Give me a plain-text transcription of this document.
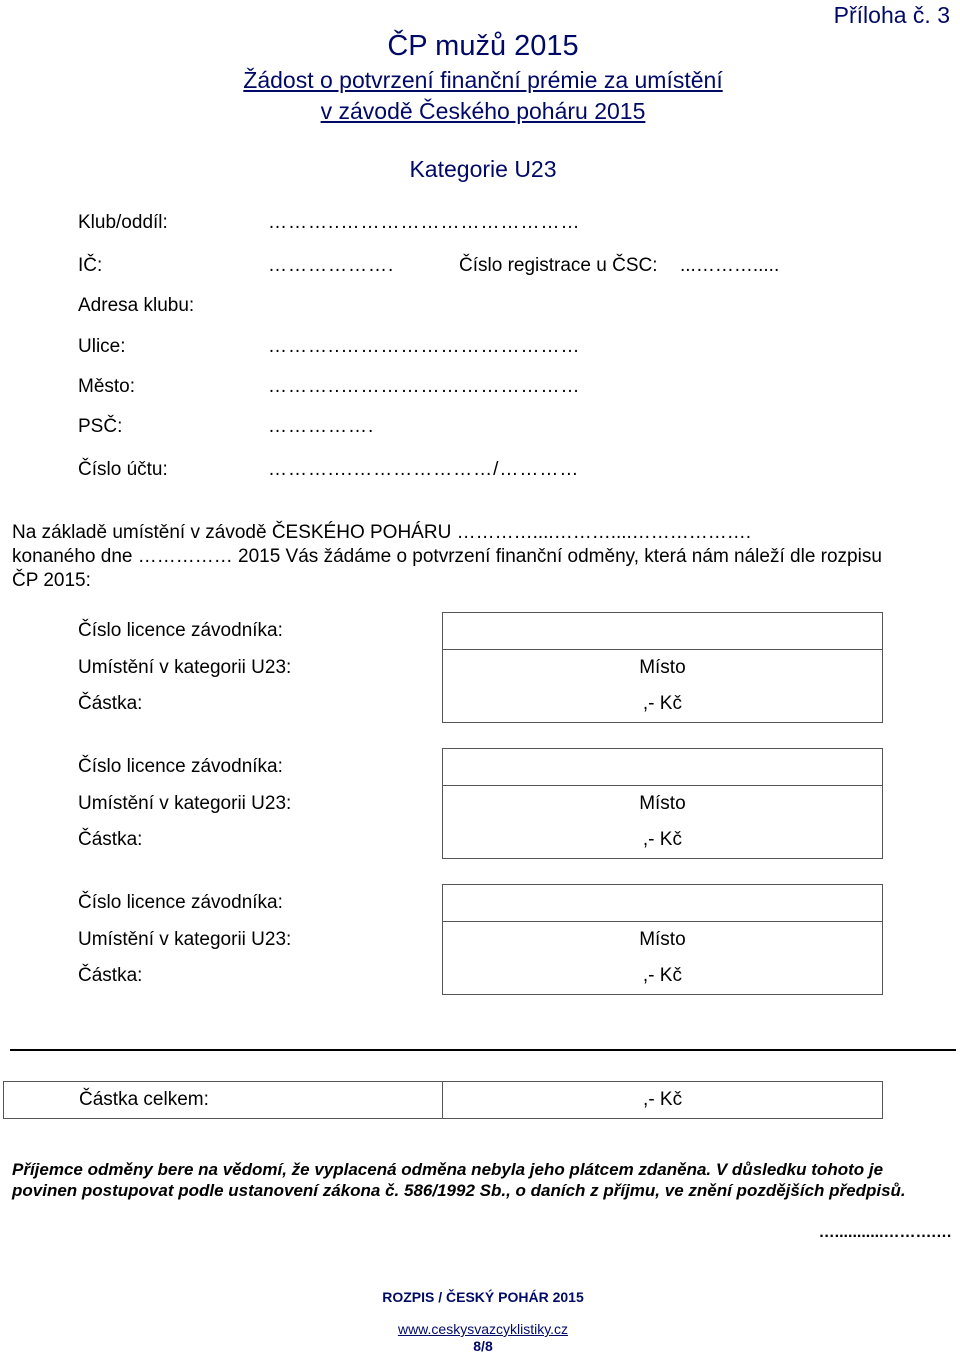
Příloha č. 3
ČP mužů 2015
Žádost o potvrzení finanční prémie za umístění
v závodě Českého poháru 2015
Kategorie U23
Klub/oddíl:	………..………………………………
IČ:	……………….	Číslo registrace u ČSC: ...……….....
Adresa klubu:
Ulice:	………..………………………………
Město:	………..………………………………
PSČ:	…………….
Číslo účtu:	………....…………………/…………
Na základě umístění v závodě ČESKÉHO POHÁRU …………....………....……………….
konaného dne …………… 2015 Vás žádáme o potvrzení finanční odměny, která nám náleží dle rozpisu
ČP 2015:
Číslo licence závodníka:	
Umístění v kategorii U23:	Místo
Částka:	,- Kč
Číslo licence závodníka:	
Umístění v kategorii U23:	Místo
Částka:	,- Kč
Číslo licence závodníka:	
Umístění v kategorii U23:	Místo
Částka:	,- Kč
Částka celkem:	,- Kč
Příjemce odměny bere na vědomí, že vyplacená odměna nebyla jeho plátcem zdaněna. V důsledku tohoto je povinen postupovat podle ustanovení zákona č. 586/1992 Sb., o daních z příjmu, ve znění pozdějších předpisů.
…...........……….…
ROZPIS / ČESKÝ POHÁR 2015
www.ceskysvazcyklistiky.cz
8/8
